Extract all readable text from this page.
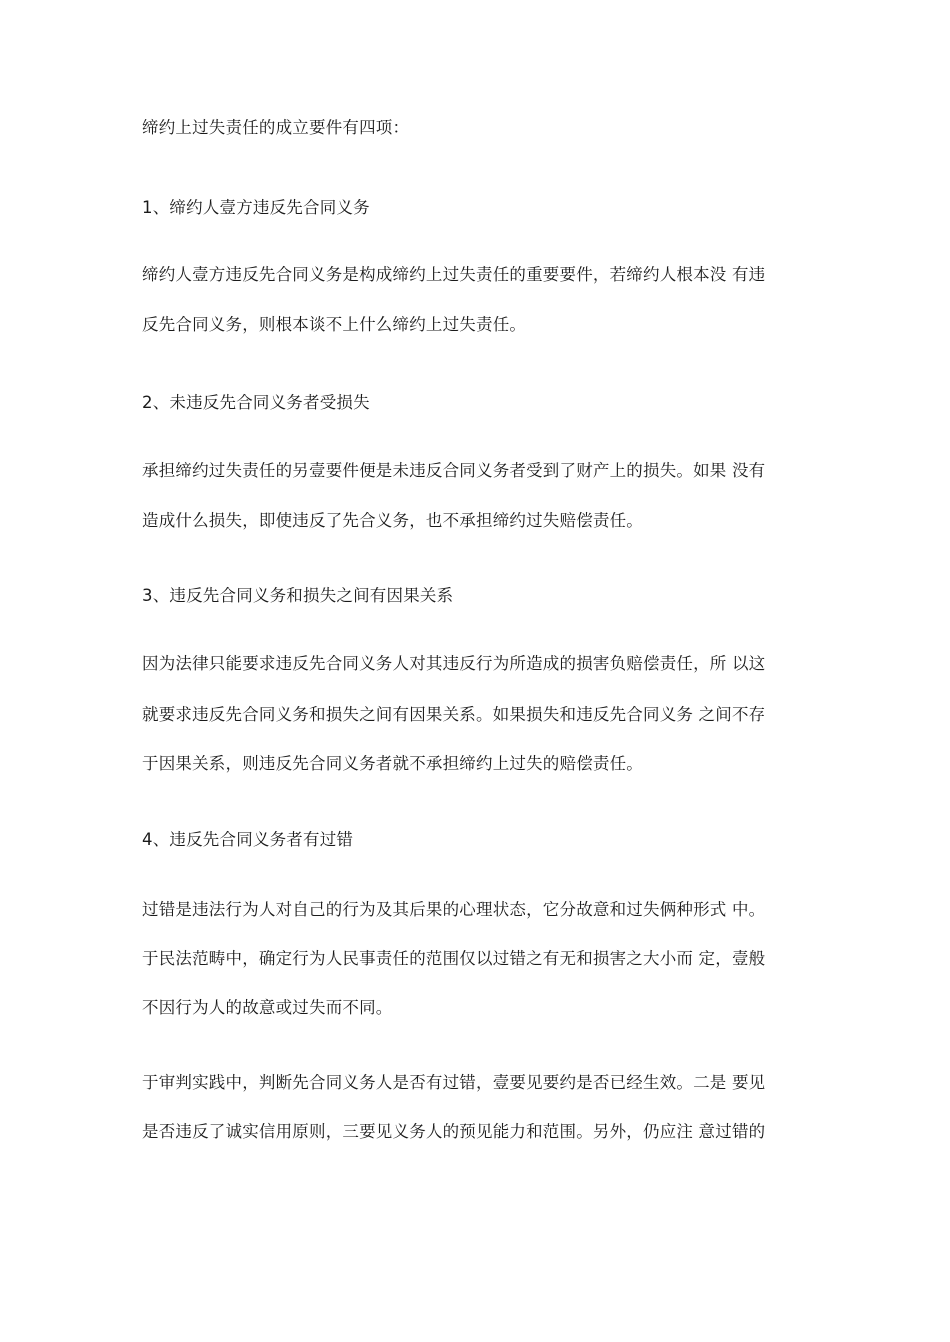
缔约上过失责任的成立要件有四项：
1、缔约人壹方违反先合同义务
缔约人壹方违反先合同义务是构成缔约上过失责任的重要要件，若缔约人根本没 有违
反先合同义务，则根本谈不上什么缔约上过失责任。
2、未违反先合同义务者受损失
承担缔约过失责任的另壹要件便是未违反合同义务者受到了财产上的损失。如果 没有
造成什么损失，即使违反了先合义务，也不承担缔约过失赔偿责任。
3、违反先合同义务和损失之间有因果关系
因为法律只能要求违反先合同义务人对其违反行为所造成的损害负赔偿责任，所 以这
就要求违反先合同义务和损失之间有因果关系。如果损失和违反先合同义务 之间不存
于因果关系，则违反先合同义务者就不承担缔约上过失的赔偿责任。
4、违反先合同义务者有过错
过错是违法行为人对自己的行为及其后果的心理状态，它分故意和过失俩种形式 中。
于民法范畴中，确定行为人民事责任的范围仅以过错之有无和损害之大小而 定，壹般
不因行为人的故意或过失而不同。
于审判实践中，判断先合同义务人是否有过错，壹要见要约是否已经生效。二是 要见
是否违反了诚实信用原则，三要见义务人的预见能力和范围。另外，仍应注 意过错的
